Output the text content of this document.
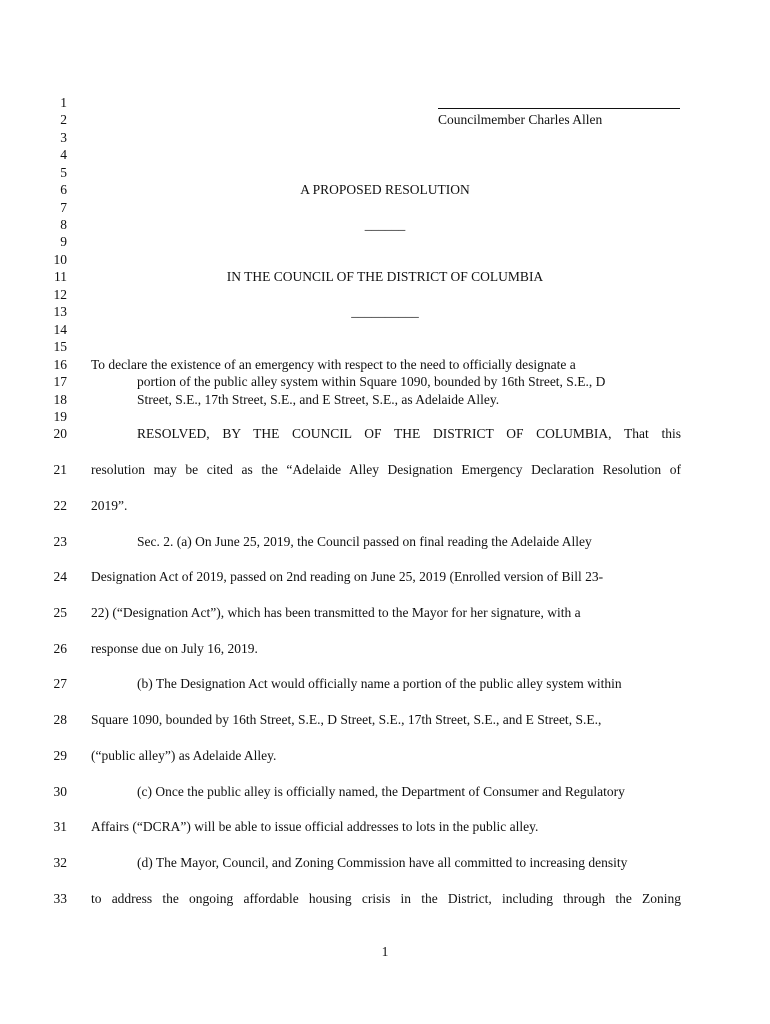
1
2
3
4
5
6
7
8
9
10
11
12
13
14
15
16
17
18
19
20
21
22
23
24
25
26
27
28
29
30
31
32
33
Councilmember Charles Allen
A PROPOSED RESOLUTION
______
IN THE COUNCIL OF THE DISTRICT OF COLUMBIA
__________
To declare the existence of an emergency with respect to the need to officially designate a
portion of the public alley system within Square 1090, bounded by 16th Street, S.E., D
Street, S.E., 17th Street, S.E., and E Street, S.E., as Adelaide Alley.
RESOLVED, BY THE COUNCIL OF THE DISTRICT OF COLUMBIA, That this
resolution may be cited as the “Adelaide Alley Designation Emergency Declaration Resolution of
2019”.
Sec. 2. (a) On June 25, 2019, the Council passed on final reading the Adelaide Alley
Designation Act of 2019, passed on 2nd reading on June 25, 2019 (Enrolled version of Bill 23-
22) (“Designation Act”), which has been transmitted to the Mayor for her signature, with a
response due on July 16, 2019.
(b) The Designation Act would officially name a portion of the public alley system within
Square 1090, bounded by 16th Street, S.E., D Street, S.E., 17th Street, S.E., and E Street, S.E.,
(“public alley”) as Adelaide Alley.
(c) Once the public alley is officially named, the Department of Consumer and Regulatory
Affairs (“DCRA”) will be able to issue official addresses to lots in the public alley.
(d) The Mayor, Council, and Zoning Commission have all committed to increasing density
to address the ongoing affordable housing crisis in the District, including through the Zoning
1
